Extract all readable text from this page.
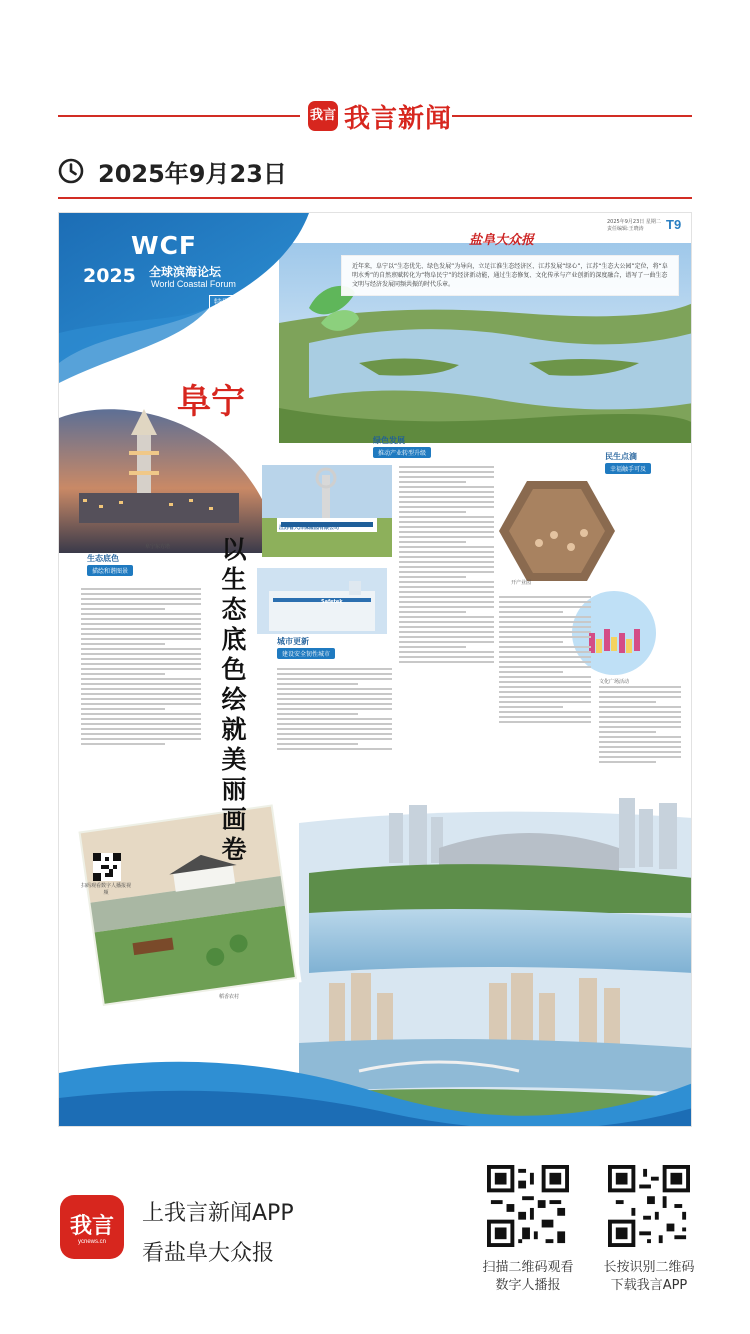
我言 我言新闻
2025年9月23日
WCF
2025 全球滨海论坛
World Coastal Forum
特别报道
盐阜大众报
2025年9月23日 星期二 责任编辑:王晓涛	T9
近年来，阜宁以“生态优先、绿色发展”为导向，立足江淮生态经济区、江苏发展“绿心”，江苏“生态大公园”定位，将“阜明水秀”的自然禀赋转化为“物阜民宁”的经济新动能，通过生态修复、文化传承与产业创新的深度融合，谱写了一曲生态文明与经济发展同频共振的时代乐章。
阜宁
以生态底色绘就美丽画卷
阜宁东方塔
江苏省大洋保险园有限公司
Safetek
开产业园
文化广场活动
稻香农村
绿色发展
推动产业转型升级
生态底色
描绘和谐图景
民生点滴
幸福触手可及
城市更新
建设安全韧性城市
扫码观看数字人播报视频
我言
ycnews.cn
上我言新闻APP
看盐阜大众报
扫描二维码观看
数字人播报
长按识别二维码
下载我言APP
